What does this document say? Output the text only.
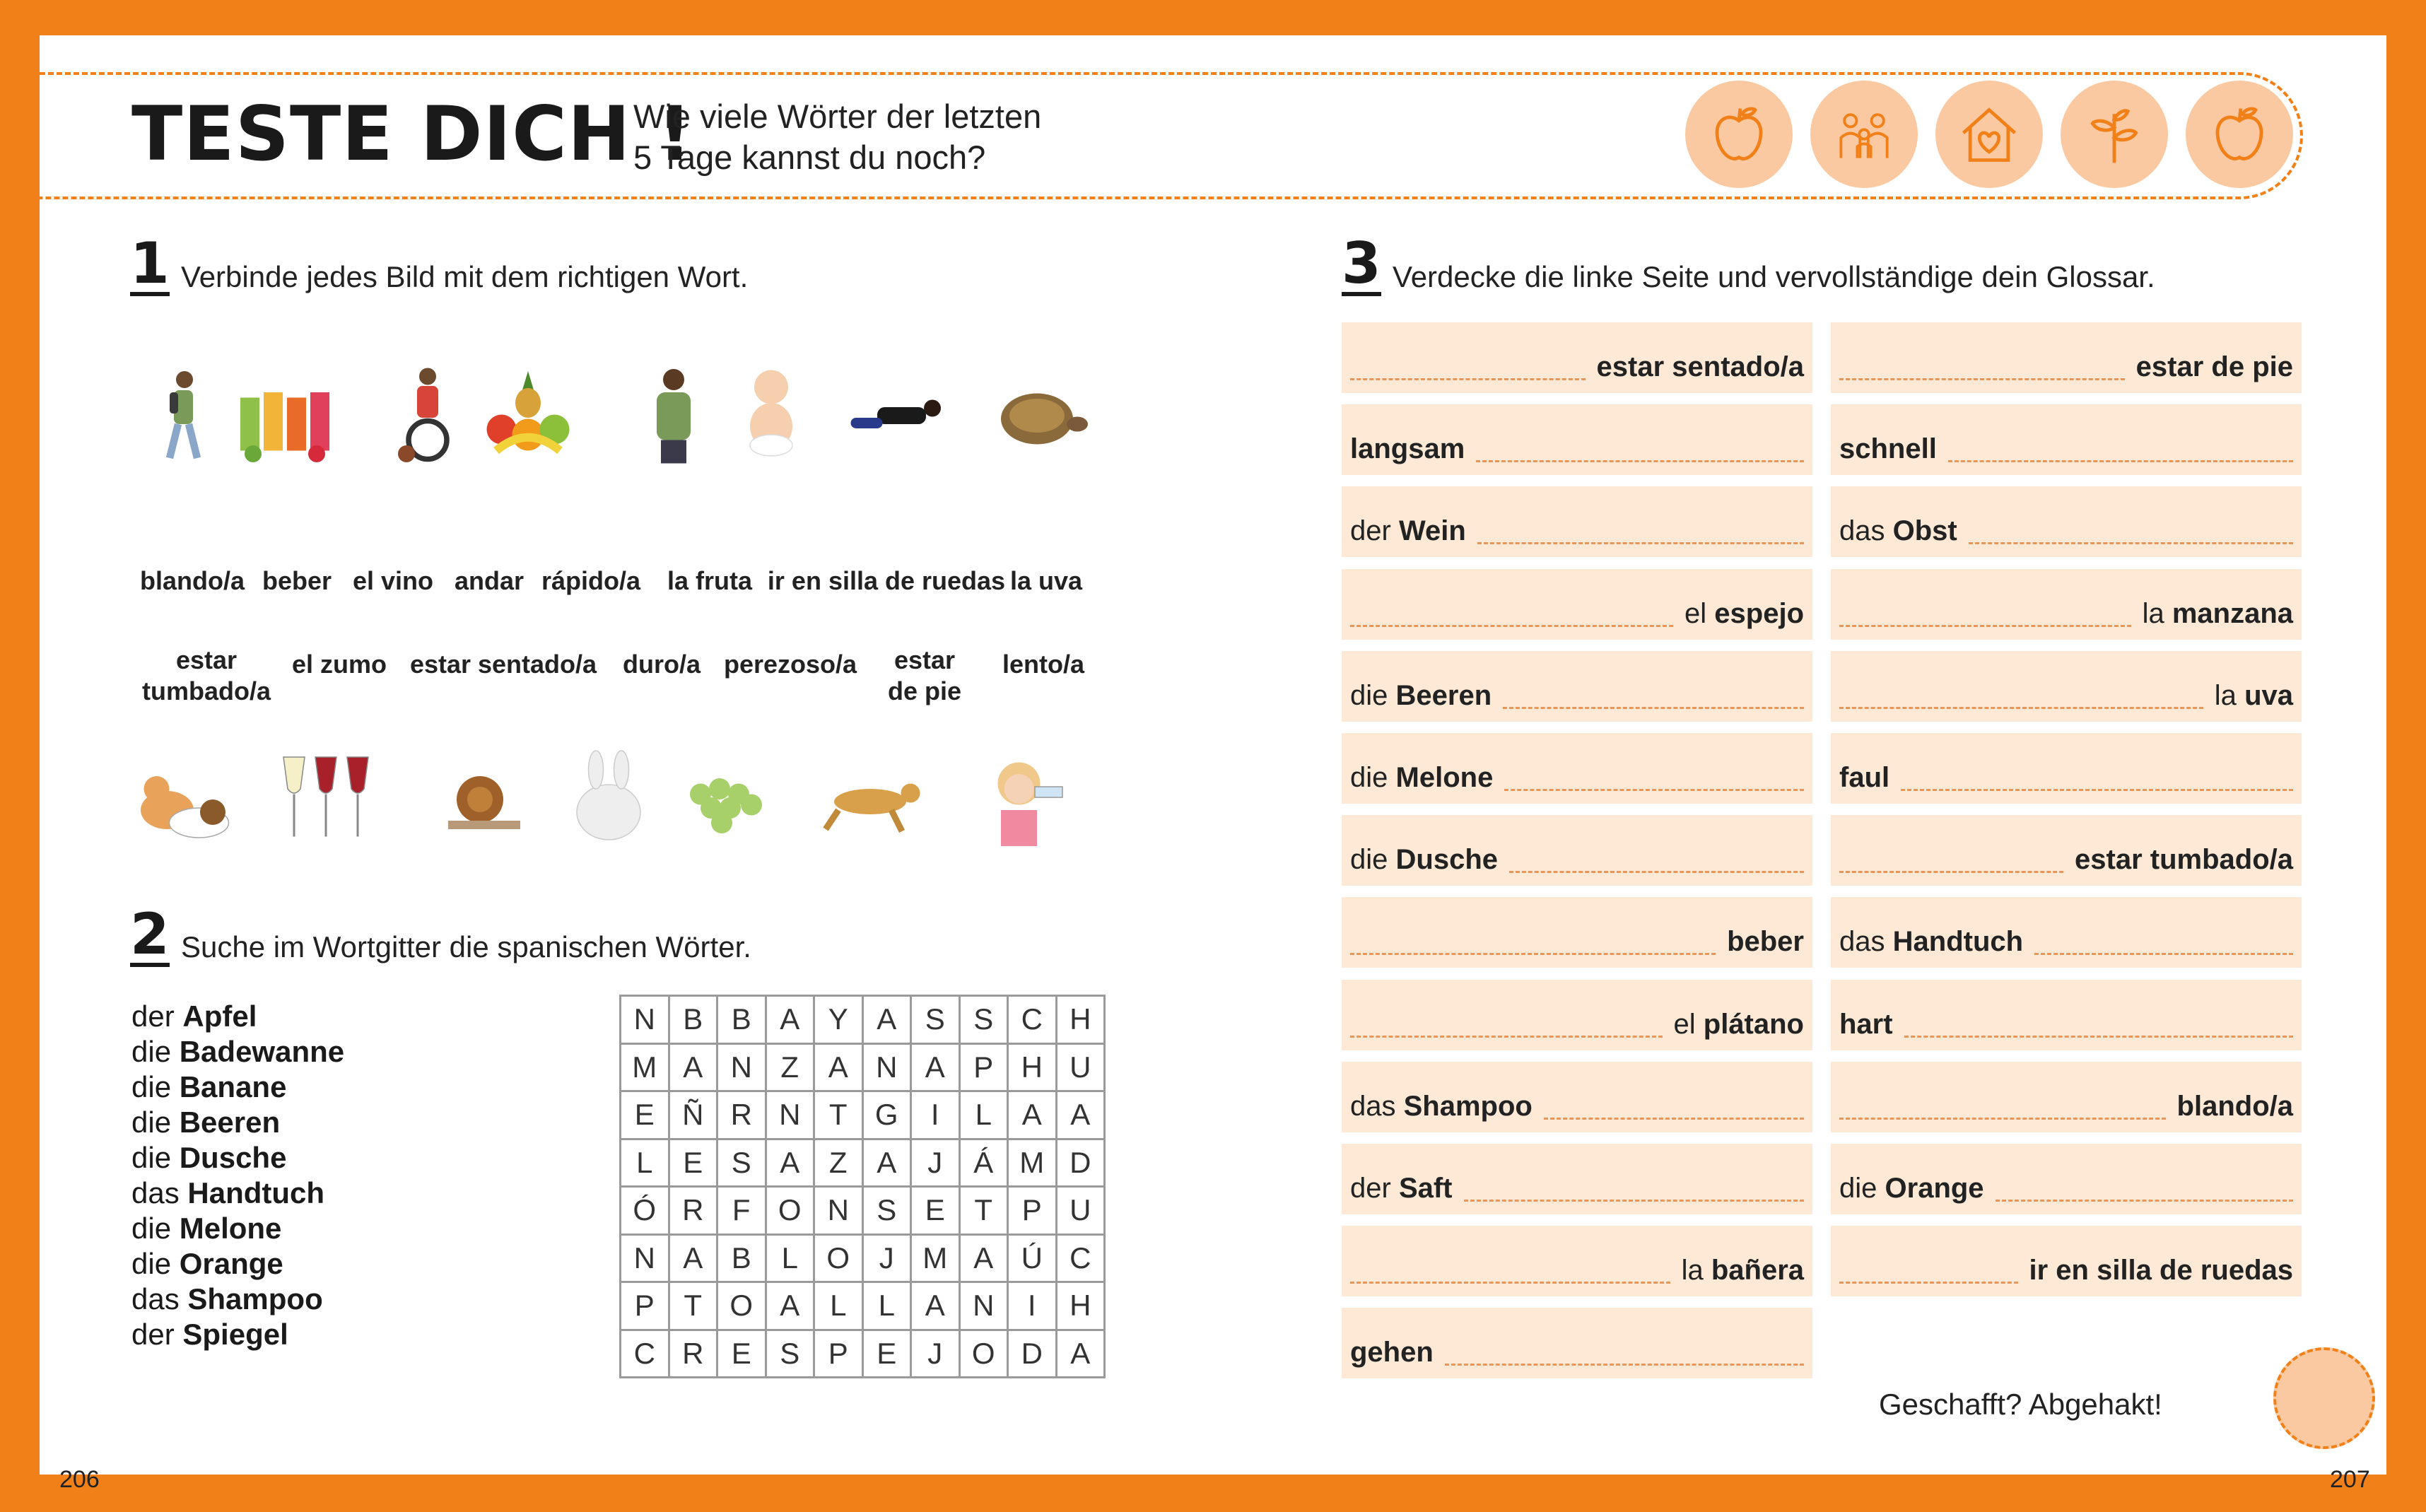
TESTE DICH !
Wie viele Wörter der letzten
5 Tage kannst du noch?
1 Verbinde jedes Bild mit dem richtigen Wort.
blando/a beber el vino andar rápido/a	la fruta ir en silla de ruedas la uva
estar
tumbado/a
el zumo estar sentado/a	duro/a perezoso/a	estar
de pie
lento/a
2 Suche im Wortgitter die spanischen Wörter.
der Apfel
die Badewanne
die Banane
die Beeren
die Dusche
das Handtuch
die Melone
die Orange
das Shampoo
der Spiegel
N	B	B	A	Y	A	S	S	C	H
M	A	N	Z	A	N	A	P	H	U
E	Ñ	R	N	T	G	I	L	A	A
L	E	S	A	Z	A	J	Á	M	D
Ó	R	F	O	N	S	E	T	P	U
N	A	B	L	O	J	M	A	Ú	C
P	T	O	A	L	L	A	N	I	H
C	R	E	S	P	E	J	O	D	A
3 Verdecke die linke Seite und vervollständige dein Glossar.
estar sentado/a	estar de pie
langsam	schnell
der Wein	das Obst
el espejo	la manzana
die Beeren	la uva
die Melone	faul
die Dusche	estar tumbado/a
beber das Handtuch
el plátano hart
das Shampoo	blando/a
der Saft	die Orange
la bañera	ir en silla de ruedas
gehen
Geschafft? Abgehakt!
206	207
